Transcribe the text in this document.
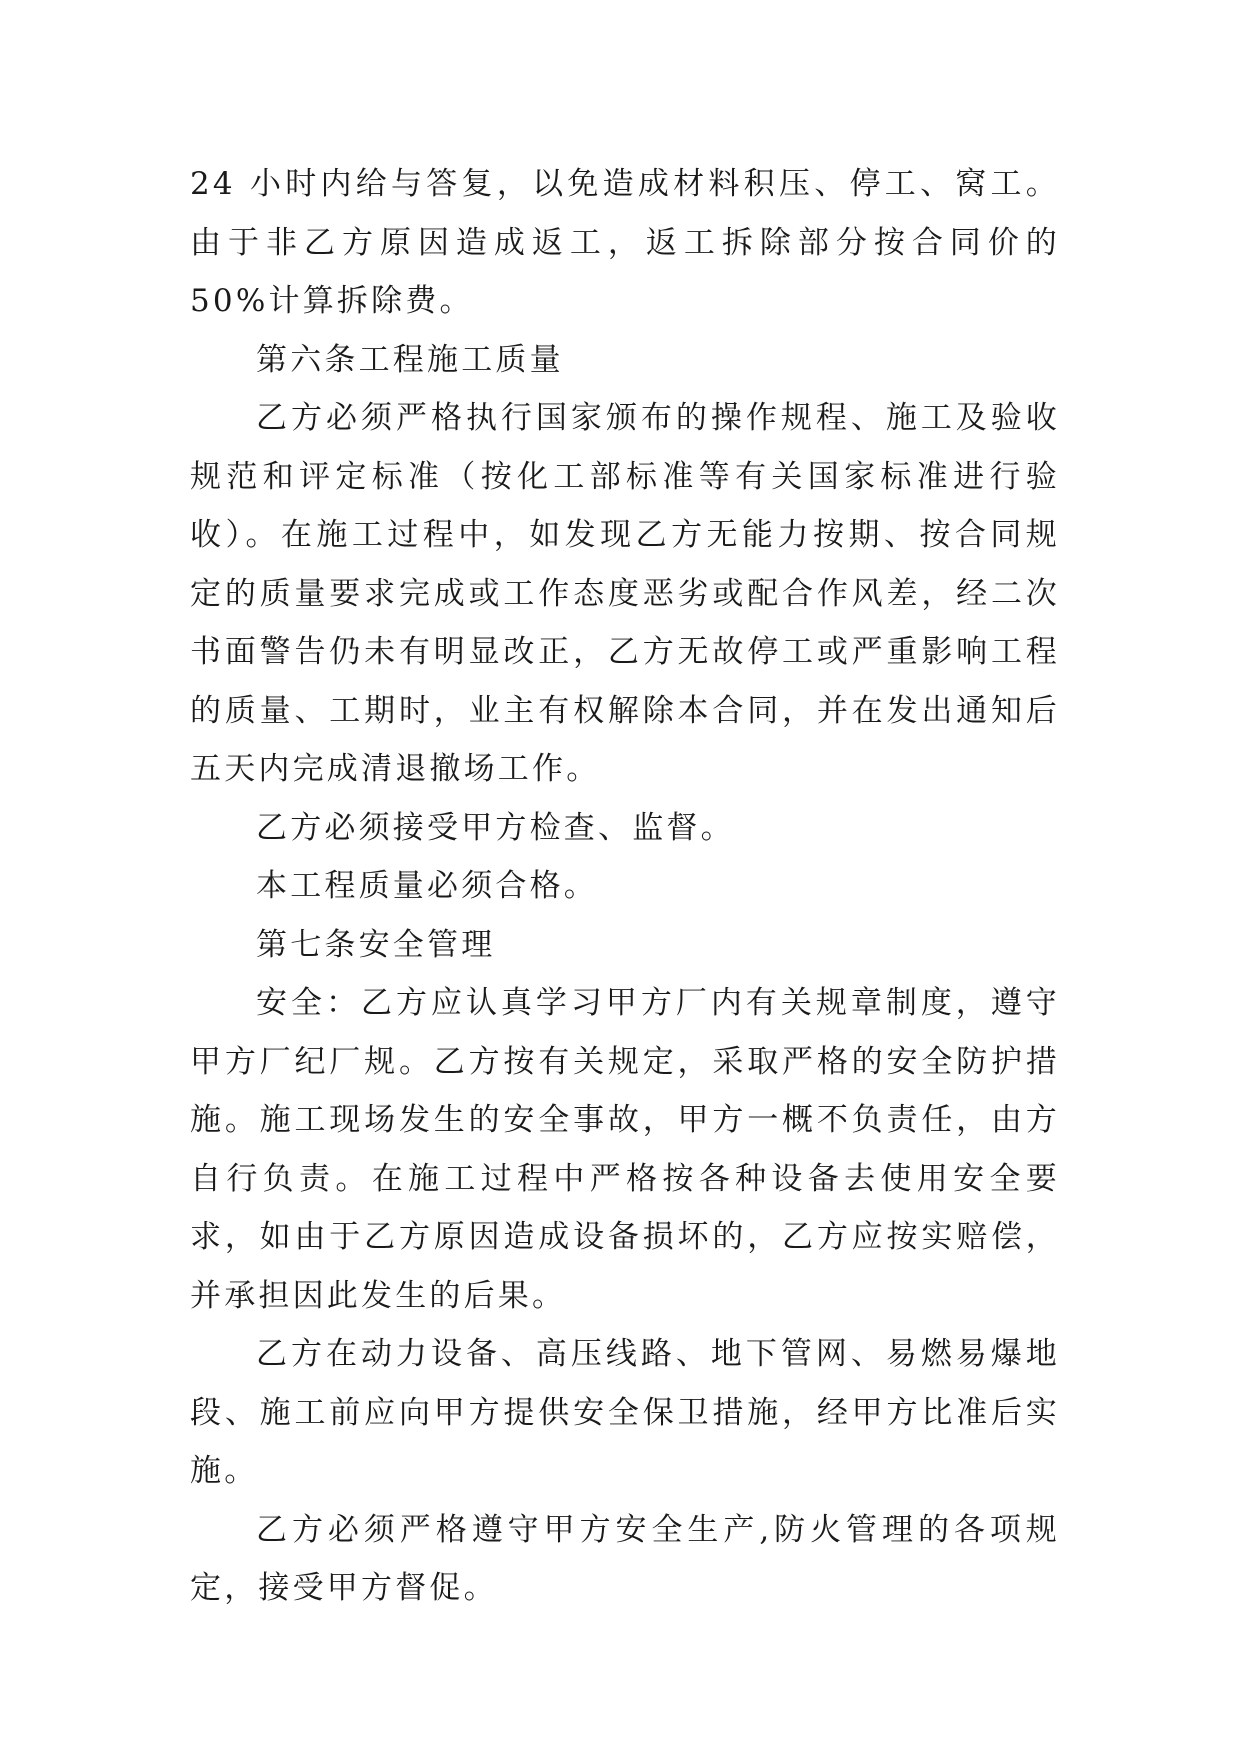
24 小时内给与答复，以免造成材料积压、停工、窝工。由于非乙方原因造成返工，返工拆除部分按合同价的 50%计算拆除费。

第六条工程施工质量

乙方必须严格执行国家颁布的操作规程、施工及验收规范和评定标准（按化工部标准等有关国家标准进行验收）。在施工过程中，如发现乙方无能力按期、按合同规定的质量要求完成或工作态度恶劣或配合作风差，经二次书面警告仍未有明显改正，乙方无故停工或严重影响工程的质量、工期时，业主有权解除本合同，并在发出通知后五天内完成清退撤场工作。

乙方必须接受甲方检查、监督。

本工程质量必须合格。

第七条安全管理

安全：乙方应认真学习甲方厂内有关规章制度，遵守甲方厂纪厂规。乙方按有关规定，采取严格的安全防护措施。施工现场发生的安全事故，甲方一概不负责任，由方自行负责。在施工过程中严格按各种设备去使用安全要求，如由于乙方原因造成设备损坏的，乙方应按实赔偿，并承担因此发生的后果。

乙方在动力设备、高压线路、地下管网、易燃易爆地段、施工前应向甲方提供安全保卫措施，经甲方比准后实施。

乙方必须严格遵守甲方安全生产,防火管理的各项规定，接受甲方督促。
